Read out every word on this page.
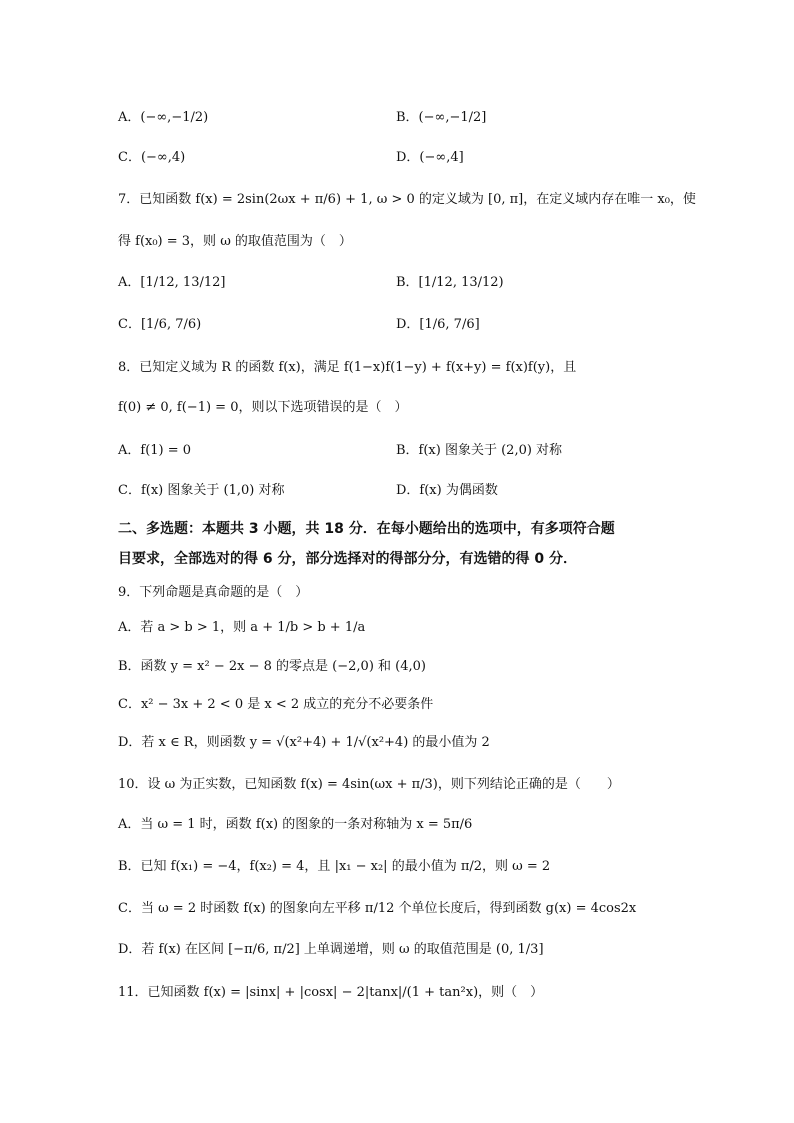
A．(−∞,−1/2)	B．(−∞,−1/2]
C．(−∞,4)	D．(−∞,4]
7．已知函数 f(x) = 2sin(2ωx + π/6) + 1, ω > 0 的定义域为 [0, π]，在定义域内存在唯一 x₀，使
得 f(x₀) = 3，则 ω 的取值范围为（　）
A．[1/12, 13/12]	B．[1/12, 13/12)
C．[1/6, 7/6)	D．[1/6, 7/6]
8．已知定义域为 R 的函数 f(x)，满足 f(1−x)f(1−y) + f(x+y) = f(x)f(y)，且
f(0) ≠ 0, f(−1) = 0，则以下选项错误的是（　）
A．f(1) = 0	B．f(x) 图象关于 (2,0) 对称
C．f(x) 图象关于 (1,0) 对称	D．f(x) 为偶函数
二、多选题：本题共 3 小题，共 18 分．在每小题给出的选项中，有多项符合题
目要求，全部选对的得 6 分，部分选择对的得部分分，有选错的得 0 分．
9．下列命题是真命题的是（　）
A．若 a > b > 1，则 a + 1/b > b + 1/a
B．函数 y = x² − 2x − 8 的零点是 (−2,0) 和 (4,0)
C．x² − 3x + 2 < 0 是 x < 2 成立的充分不必要条件
D．若 x ∈ R，则函数 y = √(x²+4) + 1/√(x²+4) 的最小值为 2
10．设 ω 为正实数，已知函数 f(x) = 4sin(ωx + π/3)，则下列结论正确的是（　　）
A．当 ω = 1 时，函数 f(x) 的图象的一条对称轴为 x = 5π/6
B．已知 f(x₁) = −4，f(x₂) = 4，且 |x₁ − x₂| 的最小值为 π/2，则 ω = 2
C．当 ω = 2 时函数 f(x) 的图象向左平移 π/12 个单位长度后，得到函数 g(x) = 4cos2x
D．若 f(x) 在区间 [−π/6, π/2] 上单调递增，则 ω 的取值范围是 (0, 1/3]
11．已知函数 f(x) = |sinx| + |cosx| − 2|tanx|/(1 + tan²x)，则（　）
